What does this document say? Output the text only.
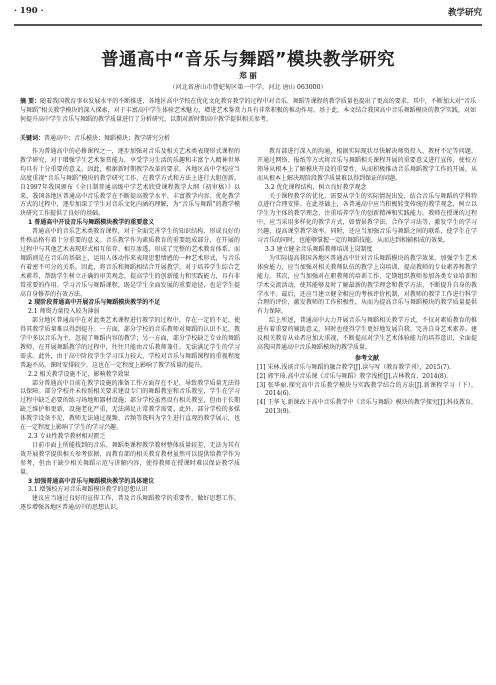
· 190 ·	教学研究
普通高中“音乐与舞蹈”模块教学研究
郑 丽
（河北省唐山市曹妃甸区第一中学，河北 唐山 063000）
摘 要：随着我国教育事业发展水平的不断推进，各地区高中学校在优化文化教育教学的过程中对音乐、舞蹈等课程的教学质量也提出了更高的要求。其中，不断加大对“音乐与舞蹈”相关教学模块的深入探索，对于丰富高中学生体验艺术魅力，增进艺术鉴赏力具有非常积极的推动作用。基于此，本文结合我国高中音乐舞蹈模块的教学实践，对如何提升高中学生音乐与舞蹈的教学质量进行了分析研究，以期对新时期高中教学提供相关参考。
关键词：普通高中；音乐模块；舞蹈模块；教学研究分析

作为普通高中的必修课程之一，逐步加强对音乐及相关艺术类表现形式课程的教学研究，对于增强学生艺术鉴赏能力，享受学习生活的乐趣和丰富个人精神世界均具有十分重要的意义。因此，根据新时期教学改革的要求，各地区高中学校应当高度重视“音乐与舞蹈”模块的教学研究工作，在教学方式和方法上进行大胆创新。自1997年我国颁布《全日制普通高级中学艺术欣赏课程教学大纲（初审稿）》以来，我国各地区普通高中音乐教学在不断提高教学水平、丰富教学内容、优化教学方式的过程中，逐步加深了学生对音乐文化内涵的理解，为“音乐与舞蹈”的教学模块研究工作提供了良好的基础。

1 普通高中开设音乐与舞蹈模块教学的重要意义

普通高中的音乐艺术类教育课程，对于全面完善学生的知识结构、形成良好的性格品格有着十分重要的意义。音乐教学作为素质教育的重要组成部分，在开展的过程中与其他艺术表现形式相互依存、相互渗透，形成了完整的艺术教育体系。而舞蹈则是在音乐的基础上，运用人体动作来表现思想情感的一种艺术形式，与音乐有着密不可分的关系。因此，将音乐和舞蹈相结合开展教学，对于培养学生综合艺术素养，帮助学生树立正确的审美观念，提高学生的创新能力和实践能力，具有非常重要的作用。学习音乐与舞蹈课程，既是学生全面发展的重要途径，也是学生提高自身修养的有效方法。

2 现阶段普通高中开展音乐与舞蹈模块教学的不足

2.1 师资力量投入较为薄弱

部分地区普通高中在对此类艺术课程进行教学的过程中，存在一定的不足，使得其教学质量难以得到提升。一方面，部分学校的音乐教师对舞蹈的认识不足，教学中多以音乐为主，忽视了舞蹈内容的教学；另一方面，部分学校缺乏专业的舞蹈教师，在开展舞蹈教学的过程中，往往只能由音乐教师兼任，无法满足学生的学习需求。此外，由于高中阶段学生学习压力较大，学校对音乐与舞蹈课程的重视程度普遍不高，课时安排较少，这也在一定程度上影响了教学质量的提升。

2.2 相关教学设施不足，影响教学效果

部分普通高中目前在教学设施的准备工作方面存在不足，导致教学质量无法得以保障。部分学校并未按照相关要求建设专门的舞蹈教室和音乐教室，学生在学习过程中缺乏必要的练习场地和器材设施；部分学校虽然设有相关教室，但由于长期缺乏维护和更新，设施老化严重，无法满足正常教学需要。此外，部分学校的多媒体教学设备不足，教师无法通过视频、音频等资料为学生进行直观的教学展示，也在一定程度上影响了学生的学习兴趣。

2.3 专业性教学教材相对匮乏

目前市面上所能找到的音乐、舞蹈类课程教学教材整体质量较差，无法为其有效开展教学提供相关参考依据，而教育部的相关教育教材虽然可以提供给教学作为参考，但由于缺少相关舞蹈示范与讲解内容，使得教师在授课时难以保证教学质量。

3 加强普通高中音乐与舞蹈模块教学的具体建议

3.1 增强校方对音乐舞蹈模块教学的思想认识

建议应当通过良好的宣传工作，普及音乐舞蹈教学的重要性，做好思想工作，逐步增强各地区普通高中的思想认识。

教育部进行深入的沟通，根据实际现状尽快解决师资投入、教材不足等问题。开通过网络、报纸等方式将音乐与舞蹈相关课程开展的重要意义进行宣传，使校方领导从根本上了解模块开设的重要性，从而积极推动音乐舞蹈教学工作的开展。从而从根本上解决现阶段教学质量难以得到保证的问题。

3.2 优化课程结构，树立良好教学观念

关于课程教学的优化，需要从学生的实际情况出发，结合音乐与舞蹈的学科特点进行合理安排。在此基础上，各普通高中应当积极转变传统的教学观念，树立以学生为主体的教学理念，注重培养学生的创新精神和实践能力。教师在授课的过程中，应当采用多样化的教学方式，如情景教学法、合作学习法等，激发学生的学习兴趣，提高课堂教学效率。同时，还应当加强音乐与舞蹈之间的联系，使学生在学习音乐的同时，也能够掌握一定的舞蹈技能，从而达到相辅相成的效果。

3.3 建立健全音乐舞蹈教师培训上岗制度

为实际提高我国各地区普通高中针对音乐舞蹈模块的教学效果，加强学生艺术体验能力，应当加强对相关教师队伍的教学上岗培训，提高教师的专业素养和教学能力。其次，应当加强对在职教师的培训工作，定期组织教师参加各类专业培训和学术交流活动，使其能够及时了解最新的教学理念和教学方法，不断提升自身的教学水平。最后，还应当建立健全相应的考核评价机制，对教师的教学工作进行科学合理的评价，激发教师的工作积极性，从而为提高音乐与舞蹈模块的教学质量提供有力保障。

综上所述，普通高中大力开展音乐与舞蹈相关教学方式，不仅对素质教育的推进有着重要的辅助意义，同时也使得学生更好地发展自我、完善自身艺术素养。建议相关教育从业者应加大重视，不断提高对学生艺术体验能力的培养意识，全面提高我国普通高中音乐舞蹈模块的教学质量。

参考文献

[1] 朱林.浅谈音乐与舞蹈的融合教学[J].读与写（教育教学刊），2015(7).

[2] 郭宇琦.高中音乐课《音乐与舞蹈》教学浅析[J].吉林教育，2014(8).

[3] 张华丽.探究高中音乐教学模块与实践教学结合的方法[J].新课程学习（下），2014(6).

[4] 王华飞.新课改下高中音乐教学中《音乐与舞蹈》模块的教学探究[J].科技教育，2013(9).
